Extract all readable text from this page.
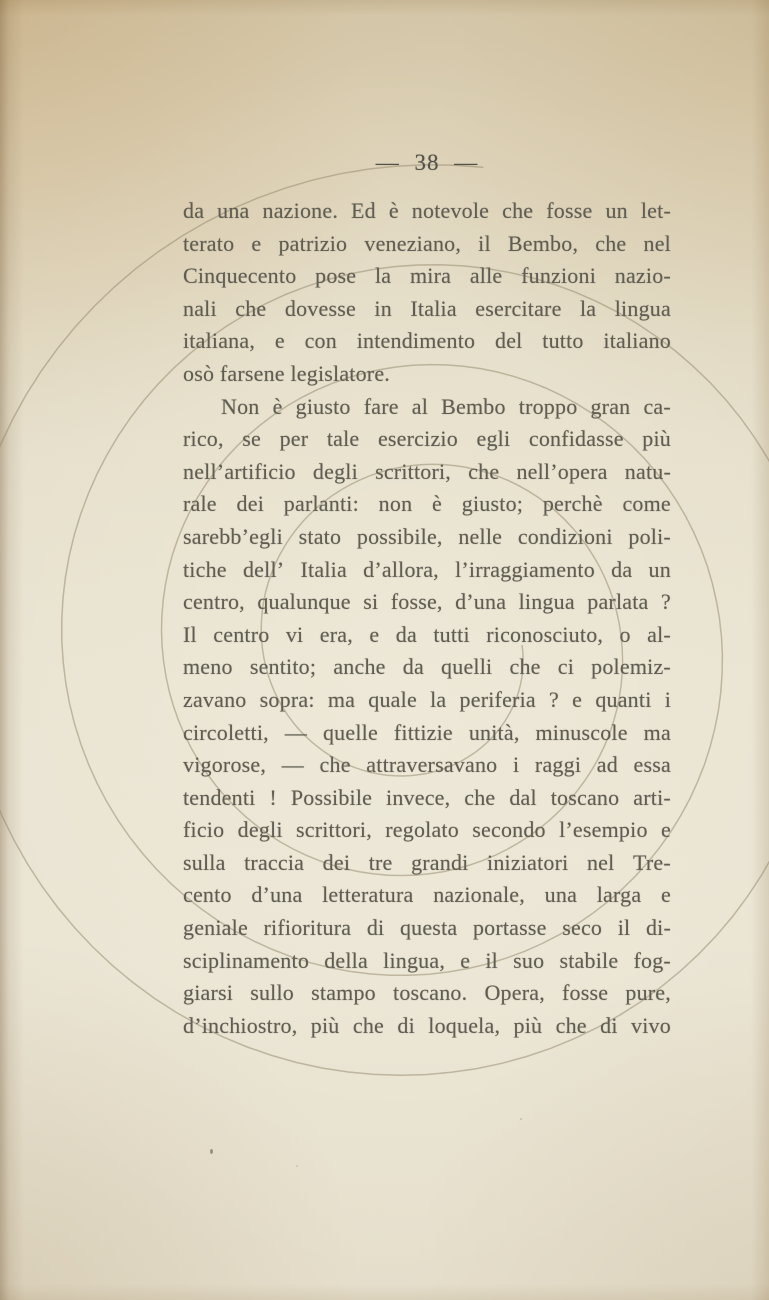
— 38 —
da una nazione. Ed è notevole che fosse un let-
terato e patrizio veneziano, il Bembo, che nel
Cinquecento pose la mira alle funzioni nazio-
nali che dovesse in Italia esercitare la lingua
italiana, e con intendimento del tutto italiano
osò farsene legislatore.
Non è giusto fare al Bembo troppo gran ca-
rico, se per tale esercizio egli confidasse più
nell’artificio degli scrittori, che nell’opera natu-
rale dei parlanti: non è giusto; perchè come
sarebb’egli stato possibile, nelle condizioni poli-
tiche dell’ Italia d’allora, l’irraggiamento da un
centro, qualunque si fosse, d’una lingua parlata ?
Il centro vi era, e da tutti riconosciuto, o al-
meno sentito; anche da quelli che ci polemiz-
zavano sopra: ma quale la periferia ? e quanti i
circoletti, — quelle fittizie unità, minuscole ma
vigorose, — che attraversavano i raggi ad essa
tendenti ! Possibile invece, che dal toscano arti-
ficio degli scrittori, regolato secondo l’esempio e
sulla traccia dei tre grandi iniziatori nel Tre-
cento d’una letteratura nazionale, una larga e
geniale rifioritura di questa portasse seco il di-
sciplinamento della lingua, e il suo stabile fog-
giarsi sullo stampo toscano. Opera, fosse pure,
d’inchiostro, più che di loquela, più che di vivo
